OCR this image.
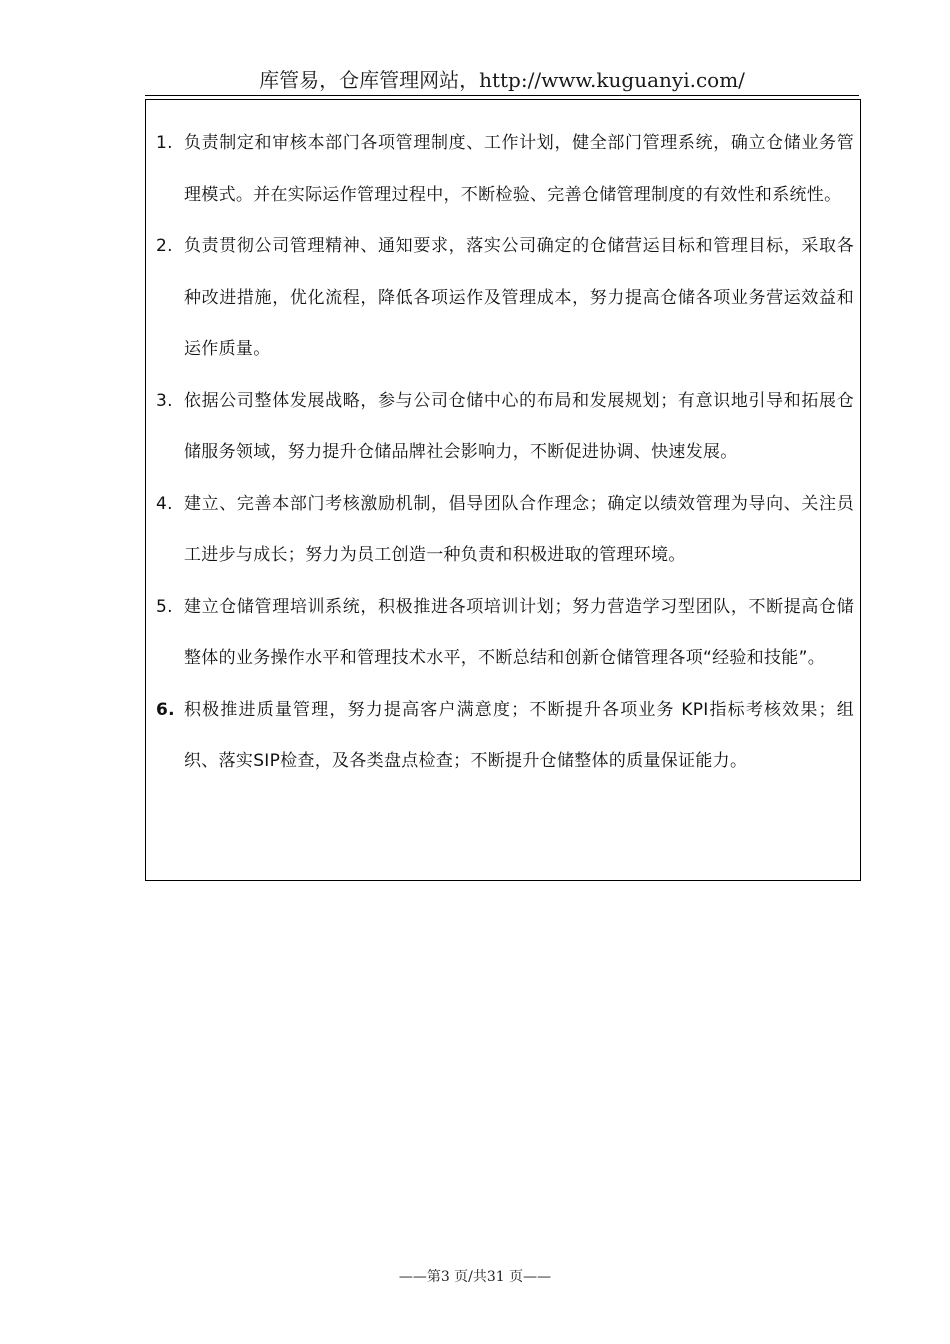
库管易，仓库管理网站，http://www.kuguanyi.com/
1. 负责制定和审核本部门各项管理制度、工作计划，健全部门管理系统，确立仓储业务管理模式。并在实际运作管理过程中，不断检验、完善仓储管理制度的有效性和系统性。
2. 负责贯彻公司管理精神、通知要求，落实公司确定的仓储营运目标和管理目标，采取各种改进措施，优化流程，降低各项运作及管理成本，努力提高仓储各项业务营运效益和运作质量。
3. 依据公司整体发展战略，参与公司仓储中心的布局和发展规划；有意识地引导和拓展仓储服务领域，努力提升仓储品牌社会影响力，不断促进协调、快速发展。
4. 建立、完善本部门考核激励机制，倡导团队合作理念；确定以绩效管理为导向、关注员工进步与成长；努力为员工创造一种负责和积极进取的管理环境。
5. 建立仓储管理培训系统，积极推进各项培训计划；努力营造学习型团队，不断提高仓储整体的业务操作水平和管理技术水平，不断总结和创新仓储管理各项“经验和技能”。
6. 积极推进质量管理，努力提高客户满意度；不断提升各项业务 KPI指标考核效果；组织、落实SIP检查，及各类盘点检查；不断提升仓储整体的质量保证能力。
——第3 页/共31 页——
